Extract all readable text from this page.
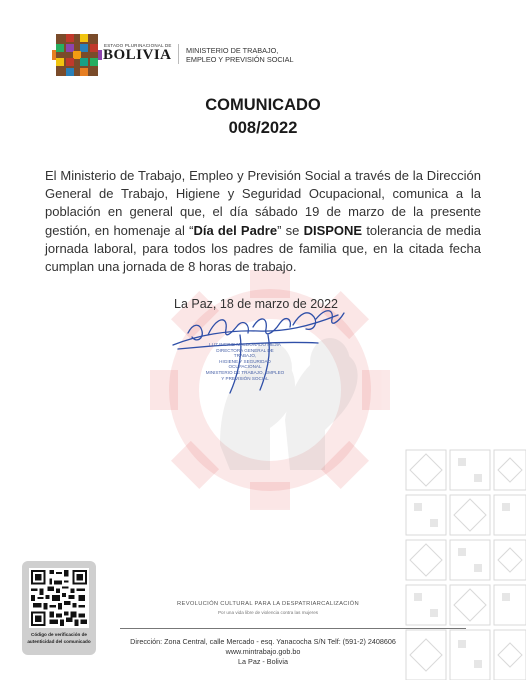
ESTADO PLURINACIONAL DE
BOLIVIA MINISTERIO DE TRABAJO,
EMPLEO Y PREVISIÓN SOCIAL
COMUNICADO
008/2022
El Ministerio de Trabajo, Empleo y Previsión Social a través de la Dirección General de Trabajo, Higiene y Seguridad Ocupacional, comunica a la población en general que, el día sábado 19 de marzo de la presente gestión, en homenaje al “Día del Padre” se DISPONE tolerancia de media jornada laboral, para todos los padres de familia que, en la citada fecha cumplan una jornada de 8 horas de trabajo.
La Paz, 18 de marzo de 2022
LUZ INGRID MALDONADO MEJÍA
DIRECTORA GENERAL DE TRABAJO,
HIGIENE Y SEGURIDAD OCUPACIONAL
MINISTERIO DE TRABAJO, EMPLEO
Y PREVISIÓN SOCIAL
Código de verificación de
autenticidad del comunicado
REVOLUCIÓN CULTURAL PARA LA DESPATRIARCALIZACIÓN
Por una vida libre de violencia contra las mujeres
Dirección: Zona Central, calle Mercado - esq. Yanacocha S/N Telf: (591-2) 2408606
www.mintrabajo.gob.bo
La Paz - Bolivia
